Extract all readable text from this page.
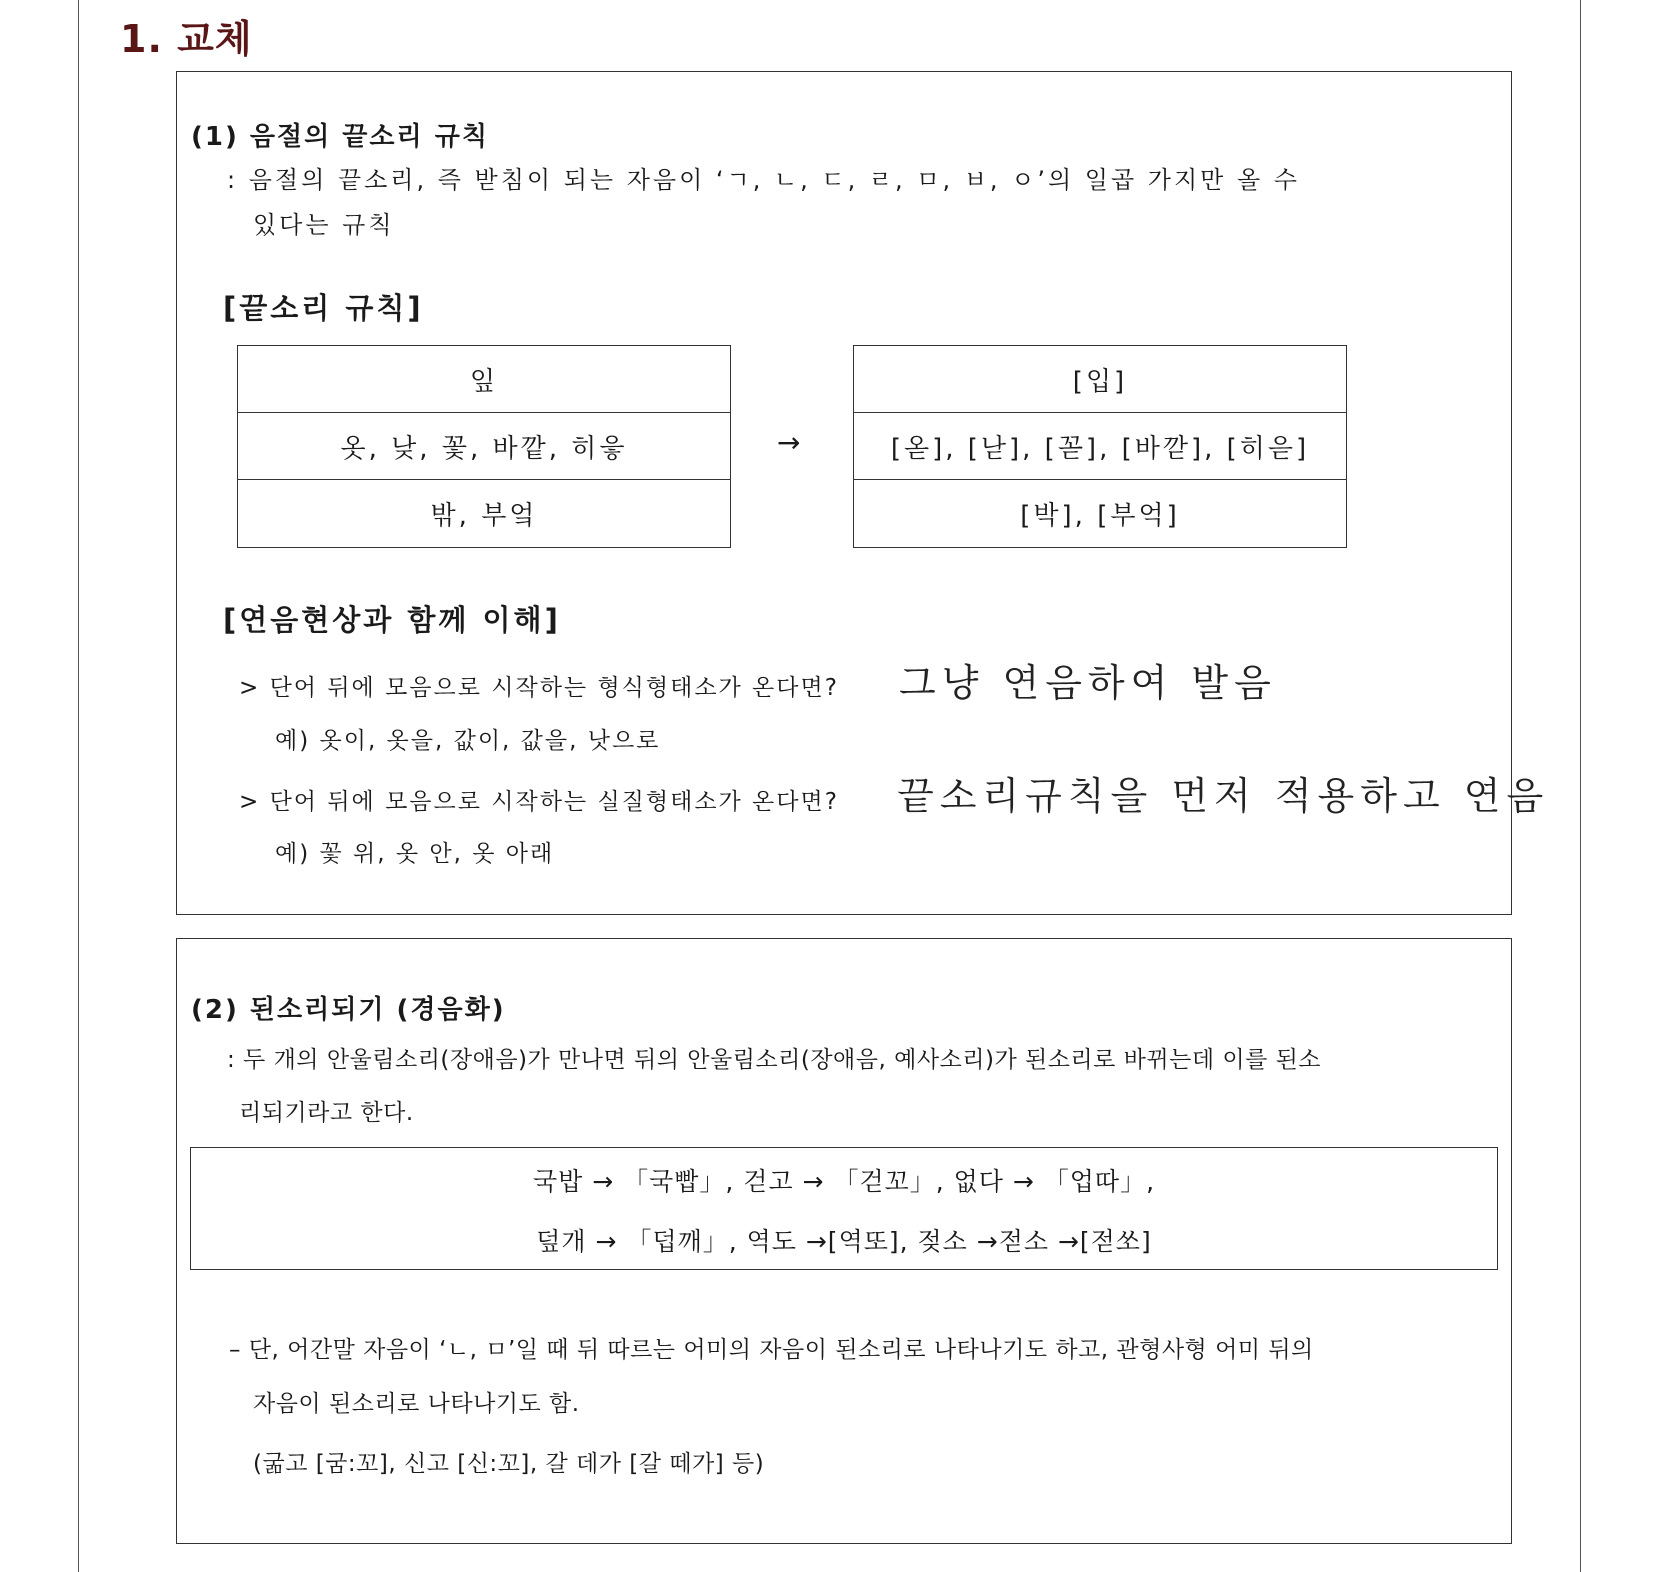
1. 교체
(1) 음절의 끝소리 규칙
: 음절의 끝소리, 즉 받침이 되는 자음이 ‘ㄱ, ㄴ, ㄷ, ㄹ, ㅁ, ㅂ, ㅇ’의 일곱 가지만 올 수
있다는 규칙
[끝소리 규칙]
잎
옷, 낮, 꽃, 바깥, 히읗
밖, 부엌
→
[입]
[옫], [낟], [꼳], [바깓], [히읃]
[박], [부억]
[연음현상과 함께 이해]
> 단어 뒤에 모음으로 시작하는 형식형태소가 온다면? 그냥 연음하여 발음
예) 옷이, 옷을, 값이, 값을, 낫으로
> 단어 뒤에 모음으로 시작하는 실질형태소가 온다면? 끝소리규칙을 먼저 적용하고 연음
예) 꽃 위, 옷 안, 옷 아래
(2) 된소리되기 (경음화)
: 두 개의 안울림소리(장애음)가 만나면 뒤의 안울림소리(장애음, 예사소리)가 된소리로 바뀌는데 이를 된소
리되기라고 한다.
국밥 → 「국빱」, 걷고 → 「걷꼬」, 없다 → 「업따」,
덮개 → 「덥깨」, 역도 →[역또], 젖소 →젇소 →[젇쏘]
– 단, 어간말 자음이 ‘ㄴ, ㅁ’일 때 뒤 따르는 어미의 자음이 된소리로 나타나기도 하고, 관형사형 어미 뒤의
자음이 된소리로 나타나기도 함.
(굶고 [굼:꼬], 신고 [신:꼬], 갈 데가 [갈 떼가] 등)
